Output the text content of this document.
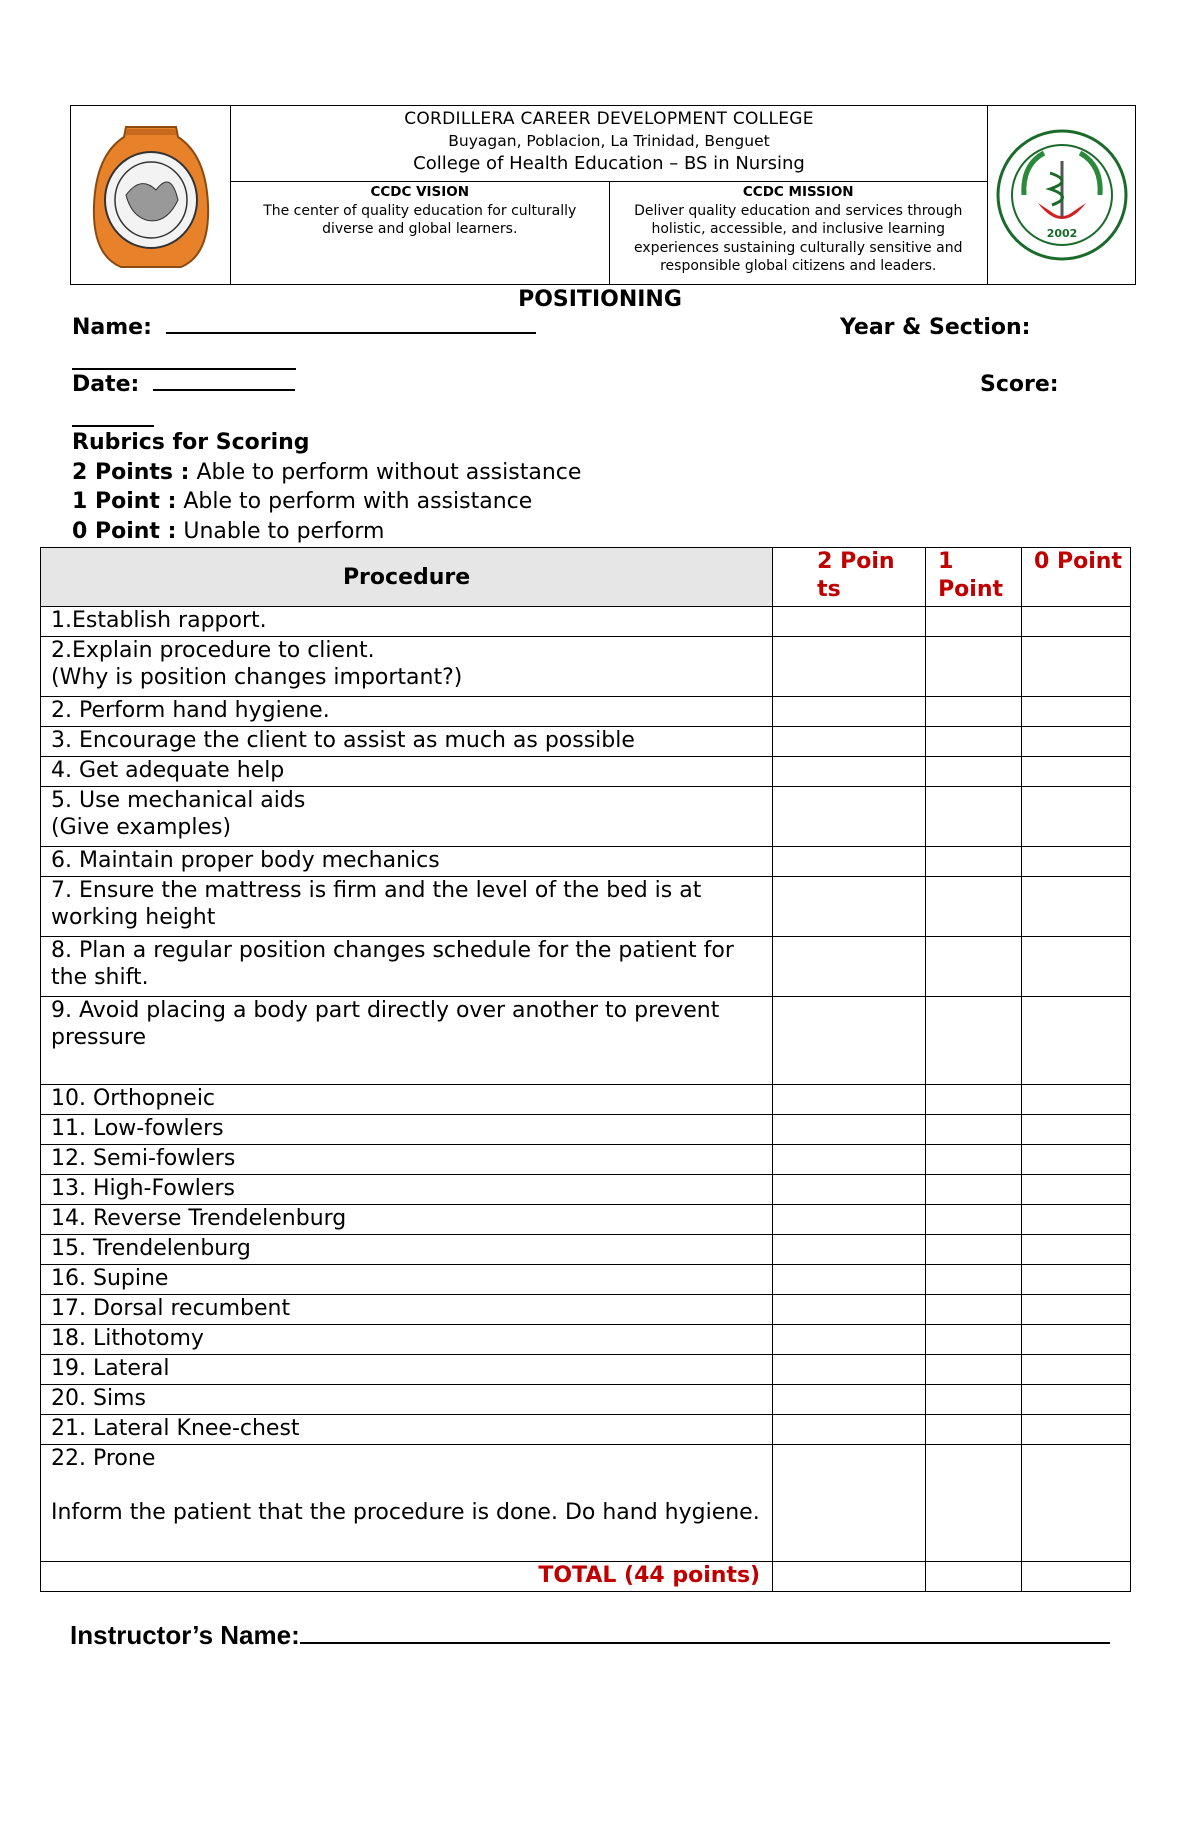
CORDILLERA CAREER DEVELOPMENT COLLEGE
Buyagan, Poblacion, La Trinidad, Benguet
College of Health Education – BS in Nursing
CCDC VISION
The center of quality education for culturally diverse and global learners.
CCDC MISSION
Deliver quality education and services through holistic, accessible, and inclusive learning experiences sustaining culturally sensitive and responsible global citizens and leaders.
2002
POSITIONING
Name:	Year & Section:
Date:	Score:
Rubrics for Scoring
2 Points : Able to perform without assistance
1 Point : Able to perform with assistance
0 Point : Unable to perform
Procedure	2 Poin ts	1 Point	0 Point
1.Establish rapport.			
2.Explain procedure to client.
(Why is position changes important?)			
2. Perform hand hygiene.			
3. Encourage the client to assist as much as possible			
4. Get adequate help			
5. Use mechanical aids
(Give examples)			
6. Maintain proper body mechanics			
7. Ensure the mattress is firm and the level of the bed is at working height			
8. Plan a regular position changes schedule for the patient for the shift.			
9. Avoid placing a body part directly over another to prevent
pressure			
10. Orthopneic			
11. Low-fowlers			
12. Semi-fowlers			
13. High-Fowlers			
14. Reverse Trendelenburg			
15. Trendelenburg			
16. Supine			
17. Dorsal recumbent			
18. Lithotomy			
19. Lateral			
20. Sims			
21. Lateral Knee-chest			
22. Prone

Inform the patient that the procedure is done. Do hand hygiene.			
TOTAL (44 points)			
Instructor’s Name:
